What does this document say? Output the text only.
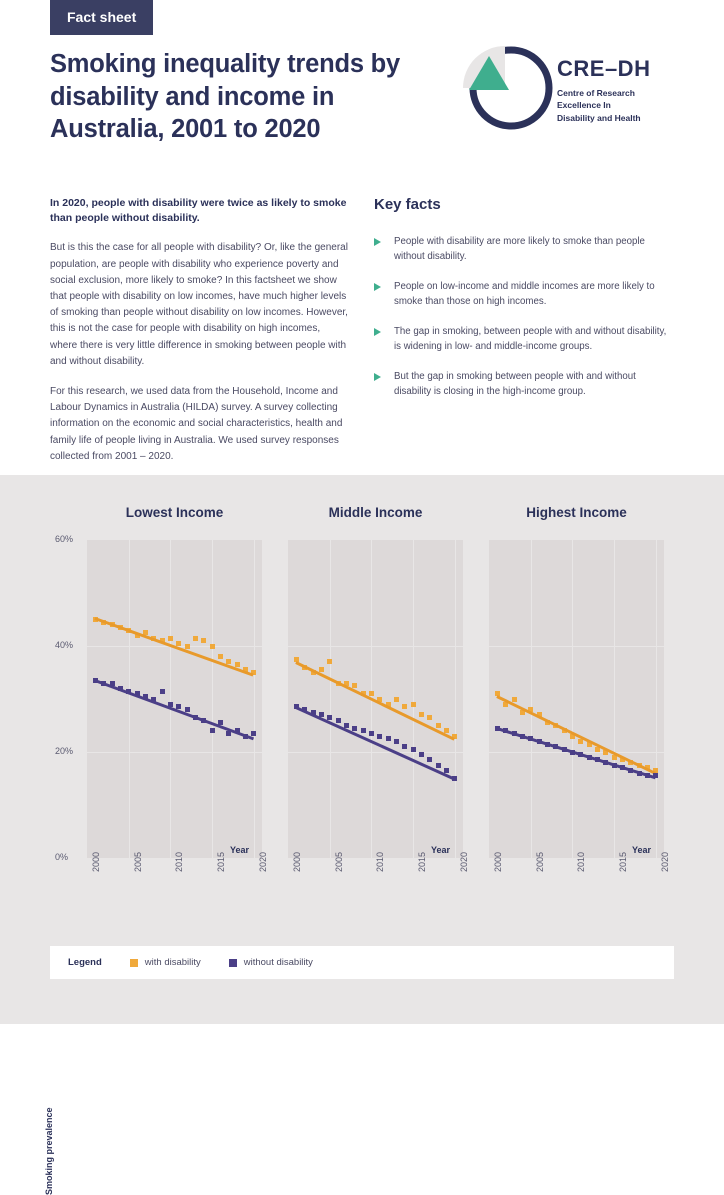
Fact sheet
Smoking inequality trends by disability and income in Australia, 2001 to 2020
CRE–DH
Centre of Research
Excellence In
Disability and Health

In 2020, people with disability were twice as likely to smoke than people without disability.

But is this the case for all people with disability? Or, like the general population, are people with disability who experience poverty and social exclusion, more likely to smoke? In this factsheet we show that people with disability on low incomes, have much higher levels of smoking than people without disability on low incomes. However, this is not the case for people with disability on high incomes, where there is very little difference in smoking between people with and without disability.

For this research, we used data from the Household, Income and Labour Dynamics in Australia (HILDA) survey. A survey collecting information on the economic and social characteristics, health and family life of people living in Australia. We used survey responses collected from 2001 – 2020.

Key facts
People with disability are more likely to smoke than people without disability.
People on low-income and middle incomes are more likely to smoke than those on high incomes.
The gap in smoking, between people with and without disability, is widening in low- and middle-income groups.
But the gap in smoking between people with and without disability is closing in the high-income group.
Smoking prevalence
60%
40%
20%
0%
Lowest Income
Year
2000	2005	2010	2015	2020
Middle Income
Year
2000	2005	2010	2015	2020
Highest Income
Year
2000	2005	2010	2015	2020
Legend	with disability	without disability
